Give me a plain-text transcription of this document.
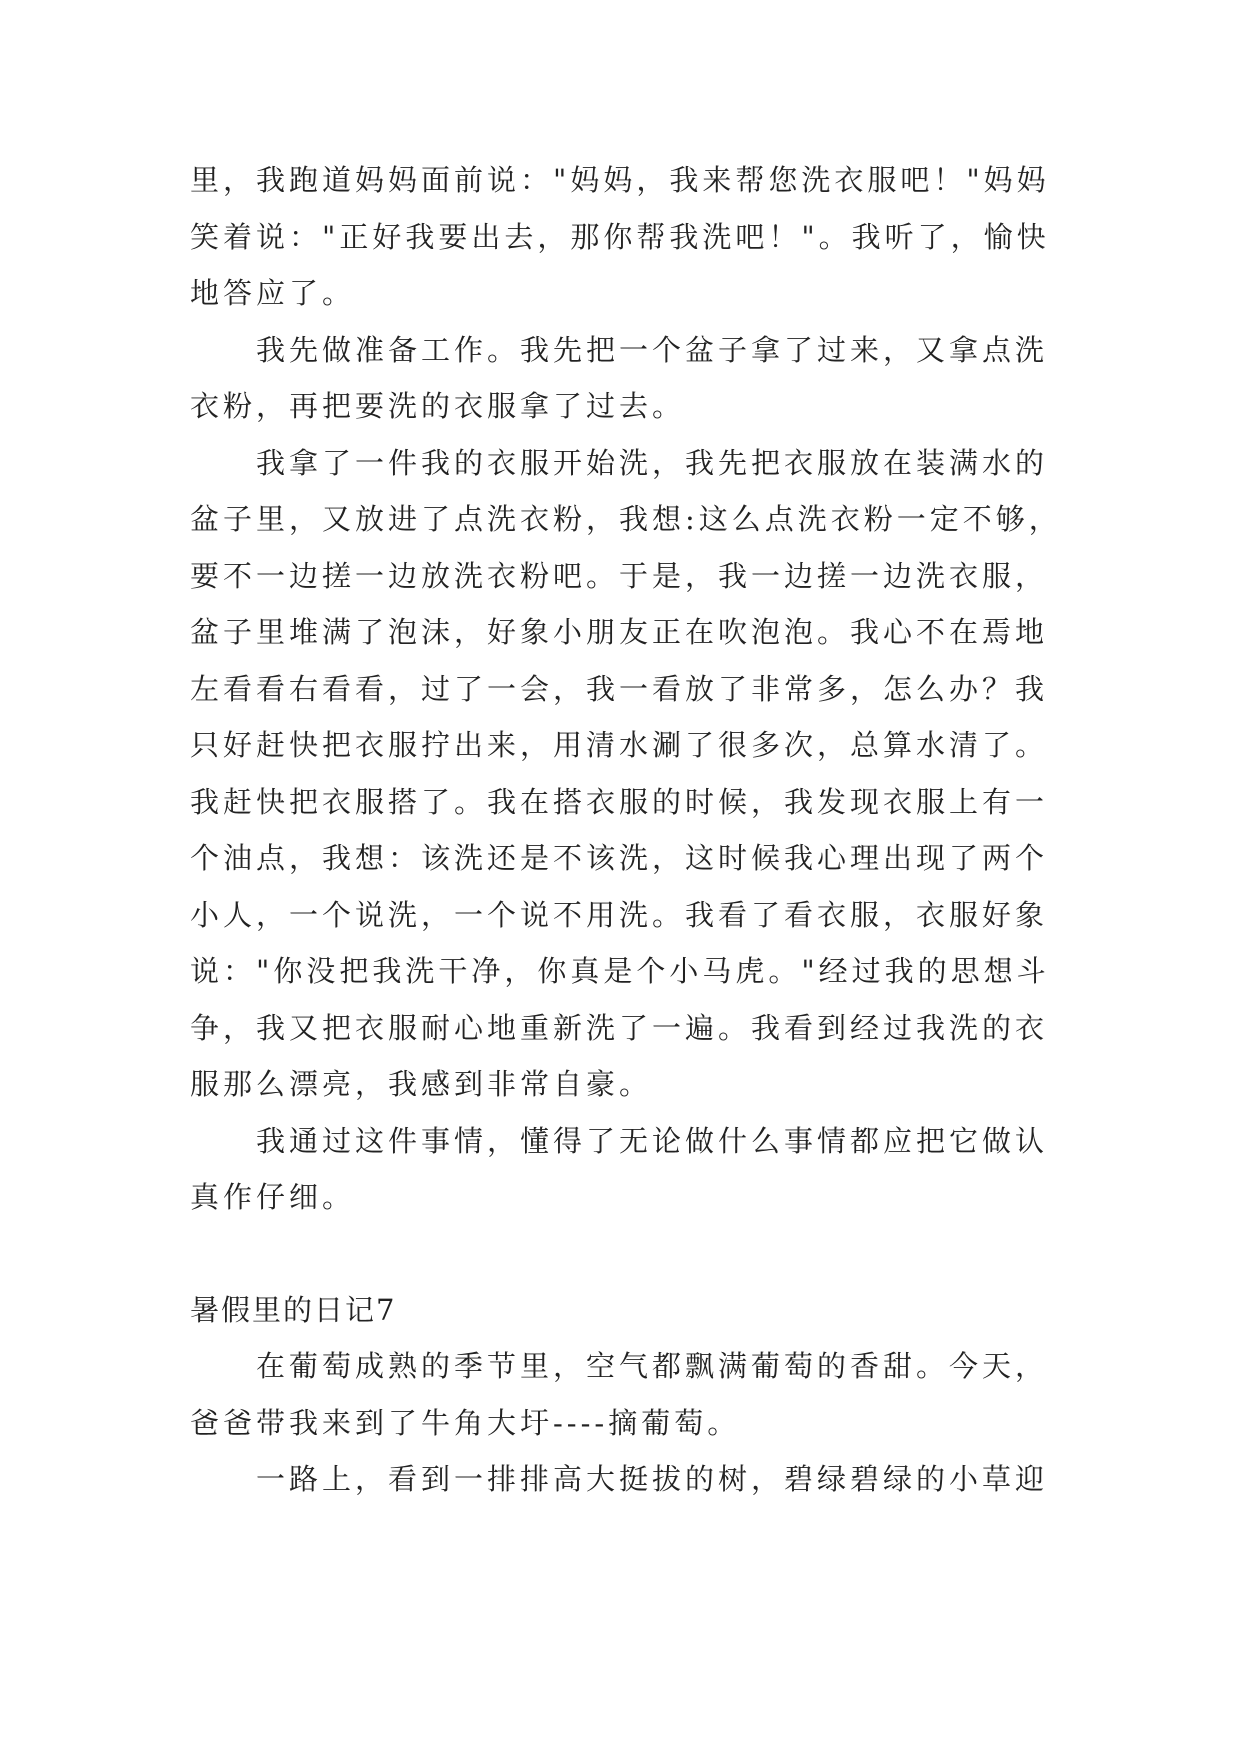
里，我跑道妈妈面前说："妈妈，我来帮您洗衣服吧！"妈妈
笑着说："正好我要出去，那你帮我洗吧！"。我听了，愉快
地答应了。

我先做准备工作。我先把一个盆子拿了过来，又拿点洗
衣粉，再把要洗的衣服拿了过去。

我拿了一件我的衣服开始洗，我先把衣服放在装满水的
盆子里，又放进了点洗衣粉，我想:这么点洗衣粉一定不够，
要不一边搓一边放洗衣粉吧。于是，我一边搓一边洗衣服，
盆子里堆满了泡沫，好象小朋友正在吹泡泡。我心不在焉地
左看看右看看，过了一会，我一看放了非常多，怎么办？我
只好赶快把衣服拧出来，用清水涮了很多次，总算水清了。
我赶快把衣服搭了。我在搭衣服的时候，我发现衣服上有一
个油点，我想：该洗还是不该洗，这时候我心理出现了两个
小人，一个说洗，一个说不用洗。我看了看衣服，衣服好象
说："你没把我洗干净，你真是个小马虎。"经过我的思想斗
争，我又把衣服耐心地重新洗了一遍。我看到经过我洗的衣
服那么漂亮，我感到非常自豪。

我通过这件事情，懂得了无论做什么事情都应把它做认
真作仔细。

暑假里的日记7

在葡萄成熟的季节里，空气都飘满葡萄的香甜。今天，
爸爸带我来到了牛角大圩----摘葡萄。

一路上，看到一排排高大挺拔的树，碧绿碧绿的小草迎
